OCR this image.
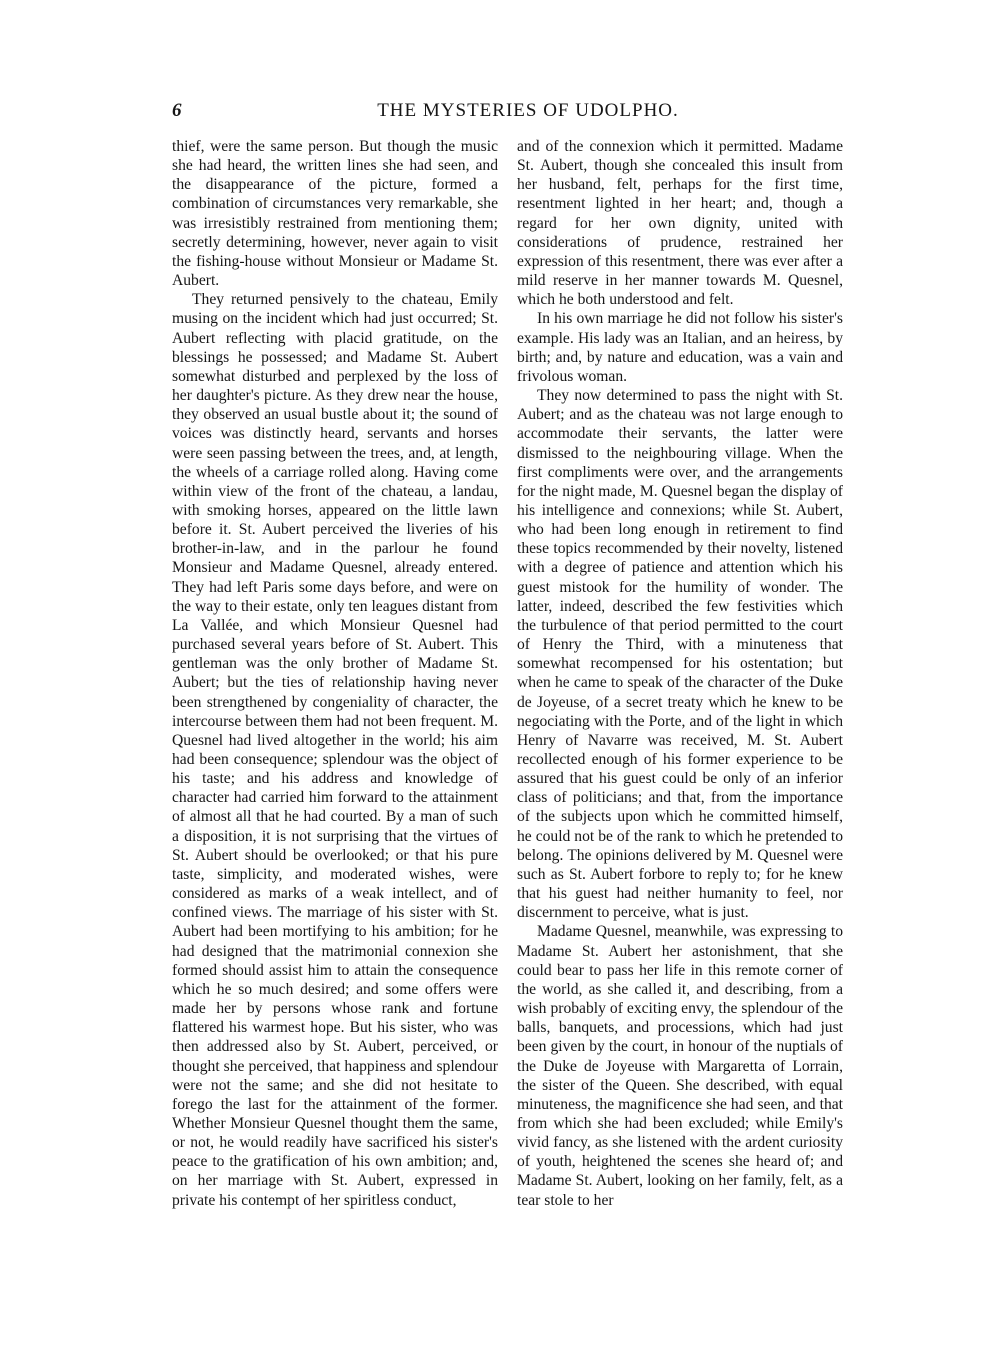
6	THE MYSTERIES OF UDOLPHO.

thief, were the same person. But though the music she had heard, the written lines she had seen, and the disappearance of the picture, formed a combination of circumstances very remarkable, she was irresistibly restrained from mentioning them; secretly determining, however, never again to visit the fishing-house without Monsieur or Madame St. Aubert.

They returned pensively to the chateau, Emily musing on the incident which had just occurred; St. Aubert reflecting with placid gratitude, on the blessings he possessed; and Madame St. Aubert somewhat disturbed and perplexed by the loss of her daughter's picture. As they drew near the house, they observed an usual bustle about it; the sound of voices was distinctly heard, servants and horses were seen passing between the trees, and, at length, the wheels of a carriage rolled along. Having come within view of the front of the chateau, a landau, with smoking horses, appeared on the little lawn before it. St. Aubert perceived the liveries of his brother-in-law, and in the parlour he found Monsieur and Madame Quesnel, already entered. They had left Paris some days before, and were on the way to their estate, only ten leagues distant from La Vallée, and which Monsieur Quesnel had purchased several years before of St. Aubert. This gentleman was the only brother of Madame St. Aubert; but the ties of relationship having never been strengthened by congeniality of character, the intercourse between them had not been frequent. M. Quesnel had lived altogether in the world; his aim had been consequence; splendour was the object of his taste; and his address and knowledge of character had carried him forward to the attainment of almost all that he had courted. By a man of such a disposition, it is not surprising that the virtues of St. Aubert should be overlooked; or that his pure taste, simplicity, and moderated wishes, were considered as marks of a weak intellect, and of confined views. The marriage of his sister with St. Aubert had been mortifying to his ambition; for he had designed that the matrimonial connexion she formed should assist him to attain the consequence which he so much desired; and some offers were made her by persons whose rank and fortune flattered his warmest hope. But his sister, who was then addressed also by St. Aubert, perceived, or thought she perceived, that happiness and splendour were not the same; and she did not hesitate to forego the last for the attainment of the former. Whether Monsieur Quesnel thought them the same, or not, he would readily have sacrificed his sister's peace to the gratification of his own ambition; and, on her marriage with St. Aubert, expressed in private his contempt of her spiritless conduct,

and of the connexion which it permitted. Madame St. Aubert, though she concealed this insult from her husband, felt, perhaps for the first time, resentment lighted in her heart; and, though a regard for her own dignity, united with considerations of prudence, restrained her expression of this resentment, there was ever after a mild reserve in her manner towards M. Quesnel, which he both understood and felt.

In his own marriage he did not follow his sister's example. His lady was an Italian, and an heiress, by birth; and, by nature and education, was a vain and frivolous woman.

They now determined to pass the night with St. Aubert; and as the chateau was not large enough to accommodate their servants, the latter were dismissed to the neighbouring village. When the first compliments were over, and the arrangements for the night made, M. Quesnel began the display of his intelligence and connexions; while St. Aubert, who had been long enough in retirement to find these topics recommended by their novelty, listened with a degree of patience and attention which his guest mistook for the humility of wonder. The latter, indeed, described the few festivities which the turbulence of that period permitted to the court of Henry the Third, with a minuteness that somewhat recompensed for his ostentation; but when he came to speak of the character of the Duke de Joyeuse, of a secret treaty which he knew to be negociating with the Porte, and of the light in which Henry of Navarre was received, M. St. Aubert recollected enough of his former experience to be assured that his guest could be only of an inferior class of politicians; and that, from the importance of the subjects upon which he committed himself, he could not be of the rank to which he pretended to belong. The opinions delivered by M. Quesnel were such as St. Aubert forbore to reply to; for he knew that his guest had neither humanity to feel, nor discernment to perceive, what is just.

Madame Quesnel, meanwhile, was expressing to Madame St. Aubert her astonishment, that she could bear to pass her life in this remote corner of the world, as she called it, and describing, from a wish probably of exciting envy, the splendour of the balls, banquets, and processions, which had just been given by the court, in honour of the nuptials of the Duke de Joyeuse with Margaretta of Lorrain, the sister of the Queen. She described, with equal minuteness, the magnificence she had seen, and that from which she had been excluded; while Emily's vivid fancy, as she listened with the ardent curiosity of youth, heightened the scenes she heard of; and Madame St. Aubert, looking on her family, felt, as a tear stole to her
